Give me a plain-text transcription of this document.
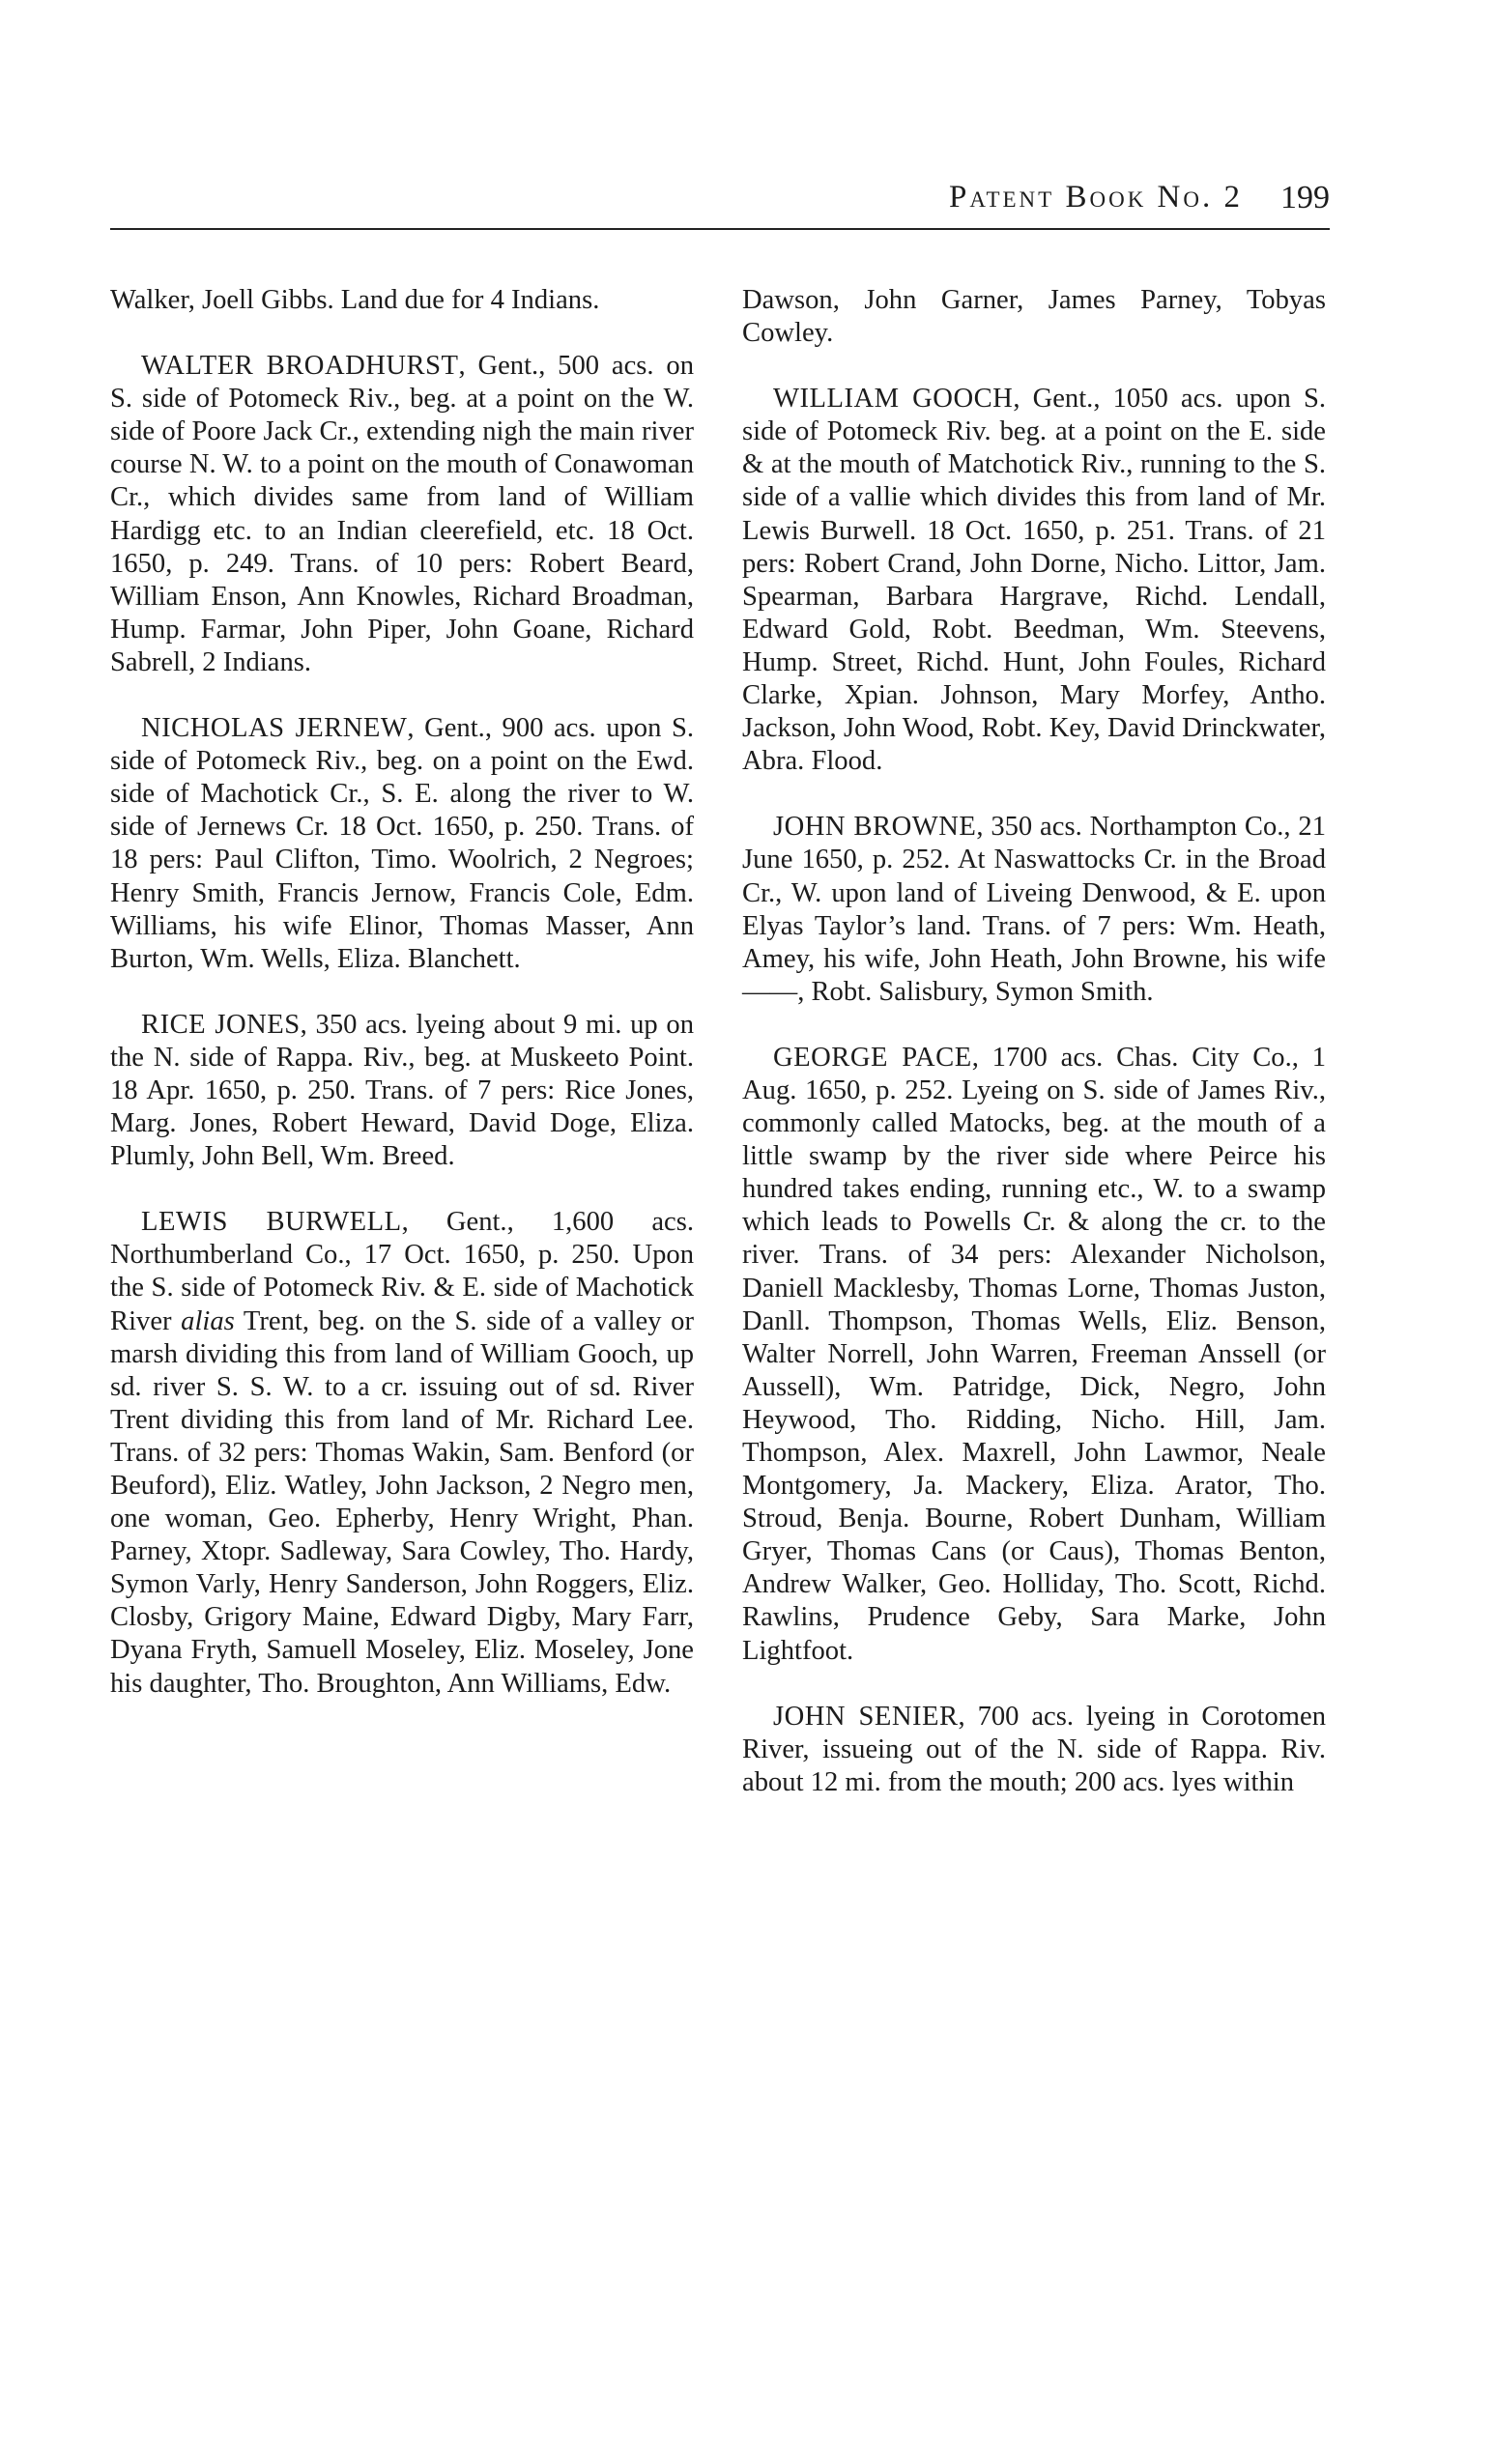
Patent Book No. 2 199

Walker, Joell Gibbs. Land due for 4 Indians.

WALTER BROADHURST, Gent., 500 acs. on S. side of Potomeck Riv., beg. at a point on the W. side of Poore Jack Cr., extending nigh the main river course N. W. to a point on the mouth of Conawoman Cr., which divides same from land of William Hardigg etc. to an Indian cleerefield, etc. 18 Oct. 1650, p. 249. Trans. of 10 pers: Robert Beard, William Enson, Ann Knowles, Richard Broadman, Hump. Farmar, John Piper, John Goane, Richard Sabrell, 2 Indians.

NICHOLAS JERNEW, Gent., 900 acs. upon S. side of Potomeck Riv., beg. on a point on the Ewd. side of Machotick Cr., S. E. along the river to W. side of Jernews Cr. 18 Oct. 1650, p. 250. Trans. of 18 pers: Paul Clifton, Timo. Woolrich, 2 Negroes; Henry Smith, Francis Jernow, Francis Cole, Edm. Williams, his wife Elinor, Thomas Masser, Ann Burton, Wm. Wells, Eliza. Blanchett.

RICE JONES, 350 acs. lyeing about 9 mi. up on the N. side of Rappa. Riv., beg. at Muskeeto Point. 18 Apr. 1650, p. 250. Trans. of 7 pers: Rice Jones, Marg. Jones, Robert Heward, David Doge, Eliza. Plumly, John Bell, Wm. Breed.

LEWIS BURWELL, Gent., 1,600 acs. Northumberland Co., 17 Oct. 1650, p. 250. Upon the S. side of Potomeck Riv. & E. side of Machotick River alias Trent, beg. on the S. side of a valley or marsh dividing this from land of William Gooch, up sd. river S. S. W. to a cr. issuing out of sd. River Trent dividing this from land of Mr. Richard Lee. Trans. of 32 pers: Thomas Wakin, Sam. Benford (or Beuford), Eliz. Watley, John Jackson, 2 Negro men, one woman, Geo. Epherby, Henry Wright, Phan. Parney, Xtopr. Sadleway, Sara Cowley, Tho. Hardy, Symon Varly, Henry Sanderson, John Roggers, Eliz. Closby, Grigory Maine, Edward Digby, Mary Farr, Dyana Fryth, Samuell Moseley, Eliz. Moseley, Jone his daughter, Tho. Broughton, Ann Williams, Edw.

Dawson, John Garner, James Parney, Tobyas Cowley.

WILLIAM GOOCH, Gent., 1050 acs. upon S. side of Potomeck Riv. beg. at a point on the E. side & at the mouth of Matchotick Riv., running to the S. side of a vallie which divides this from land of Mr. Lewis Burwell. 18 Oct. 1650, p. 251. Trans. of 21 pers: Robert Crand, John Dorne, Nicho. Littor, Jam. Spearman, Barbara Hargrave, Richd. Lendall, Edward Gold, Robt. Beedman, Wm. Steevens, Hump. Street, Richd. Hunt, John Foules, Richard Clarke, Xpian. Johnson, Mary Morfey, Antho. Jackson, John Wood, Robt. Key, David Drinckwater, Abra. Flood.

JOHN BROWNE, 350 acs. Northampton Co., 21 June 1650, p. 252. At Naswattocks Cr. in the Broad Cr., W. upon land of Liveing Denwood, & E. upon Elyas Taylor’s land. Trans. of 7 pers: Wm. Heath, Amey, his wife, John Heath, John Browne, his wife ——, Robt. Salisbury, Symon Smith.

GEORGE PACE, 1700 acs. Chas. City Co., 1 Aug. 1650, p. 252. Lyeing on S. side of James Riv., commonly called Matocks, beg. at the mouth of a little swamp by the river side where Peirce his hundred takes ending, running etc., W. to a swamp which leads to Powells Cr. & along the cr. to the river. Trans. of 34 pers: Alexander Nicholson, Daniell Macklesby, Thomas Lorne, Thomas Juston, Danll. Thompson, Thomas Wells, Eliz. Benson, Walter Norrell, John Warren, Freeman Anssell (or Aussell), Wm. Patridge, Dick, Negro, John Heywood, Tho. Ridding, Nicho. Hill, Jam. Thompson, Alex. Maxrell, John Lawmor, Neale Montgomery, Ja. Mackery, Eliza. Arator, Tho. Stroud, Benja. Bourne, Robert Dunham, William Gryer, Thomas Cans (or Caus), Thomas Benton, Andrew Walker, Geo. Holliday, Tho. Scott, Richd. Rawlins, Prudence Geby, Sara Marke, John Lightfoot.

JOHN SENIER, 700 acs. lyeing in Corotomen River, issueing out of the N. side of Rappa. Riv. about 12 mi. from the mouth; 200 acs. lyes within
